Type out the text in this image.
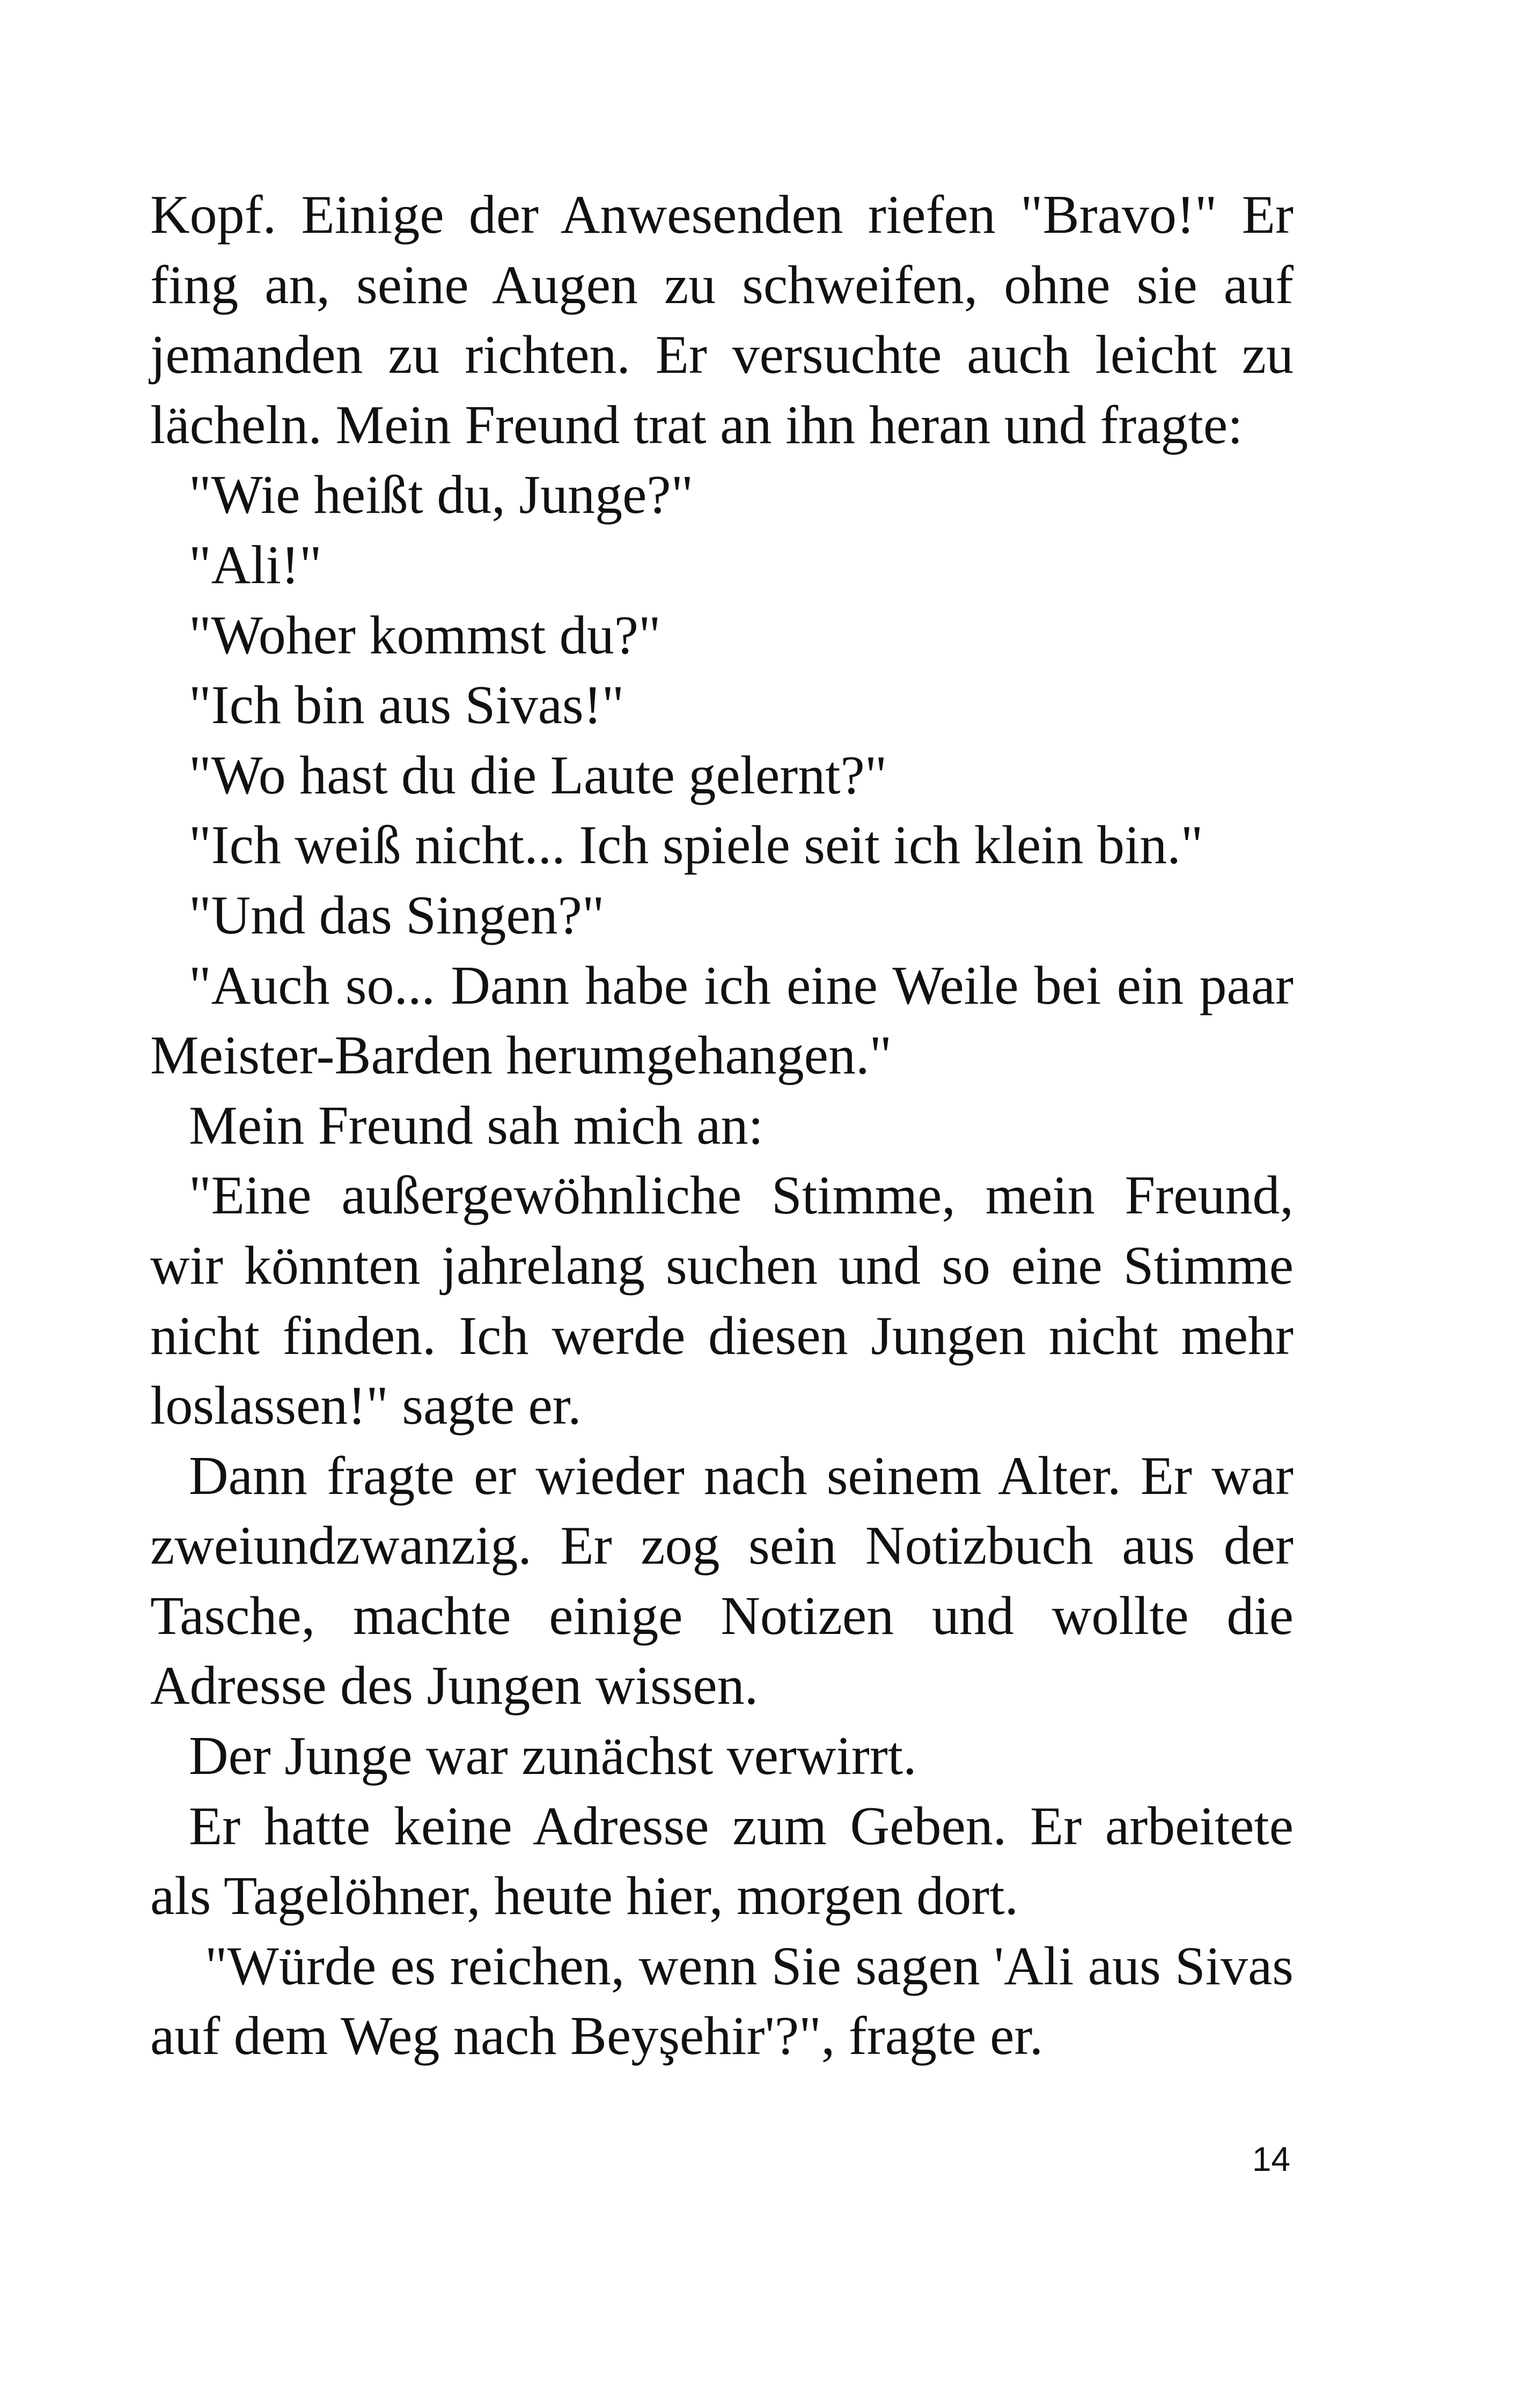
Kopf. Einige der Anwesenden riefen "Bravo!" Er fing an, seine Augen zu schweifen, ohne sie auf jemanden zu richten. Er versuchte auch leicht zu lächeln. Mein Freund trat an ihn heran und fragte:

"Wie heißt du, Junge?"

"Ali!"

"Woher kommst du?"

"Ich bin aus Sivas!"

"Wo hast du die Laute gelernt?"

"Ich weiß nicht... Ich spiele seit ich klein bin."

"Und das Singen?"

"Auch so... Dann habe ich eine Weile bei ein paar Meister-Barden herumgehangen."

Mein Freund sah mich an:

"Eine außergewöhnliche Stimme, mein Freund, wir könnten jahrelang suchen und so eine Stimme nicht finden. Ich werde diesen Jungen nicht mehr loslassen!" sagte er.

Dann fragte er wieder nach seinem Alter. Er war zweiundzwanzig. Er zog sein Notizbuch aus der Tasche, machte einige Notizen und wollte die Adresse des Jungen wissen.

Der Junge war zunächst verwirrt.

Er hatte keine Adresse zum Geben. Er arbeitete als Tagelöhner, heute hier, morgen dort.

"Würde es reichen, wenn Sie sagen 'Ali aus Sivas auf dem Weg nach Beyşehir'?", fragte er.

14
